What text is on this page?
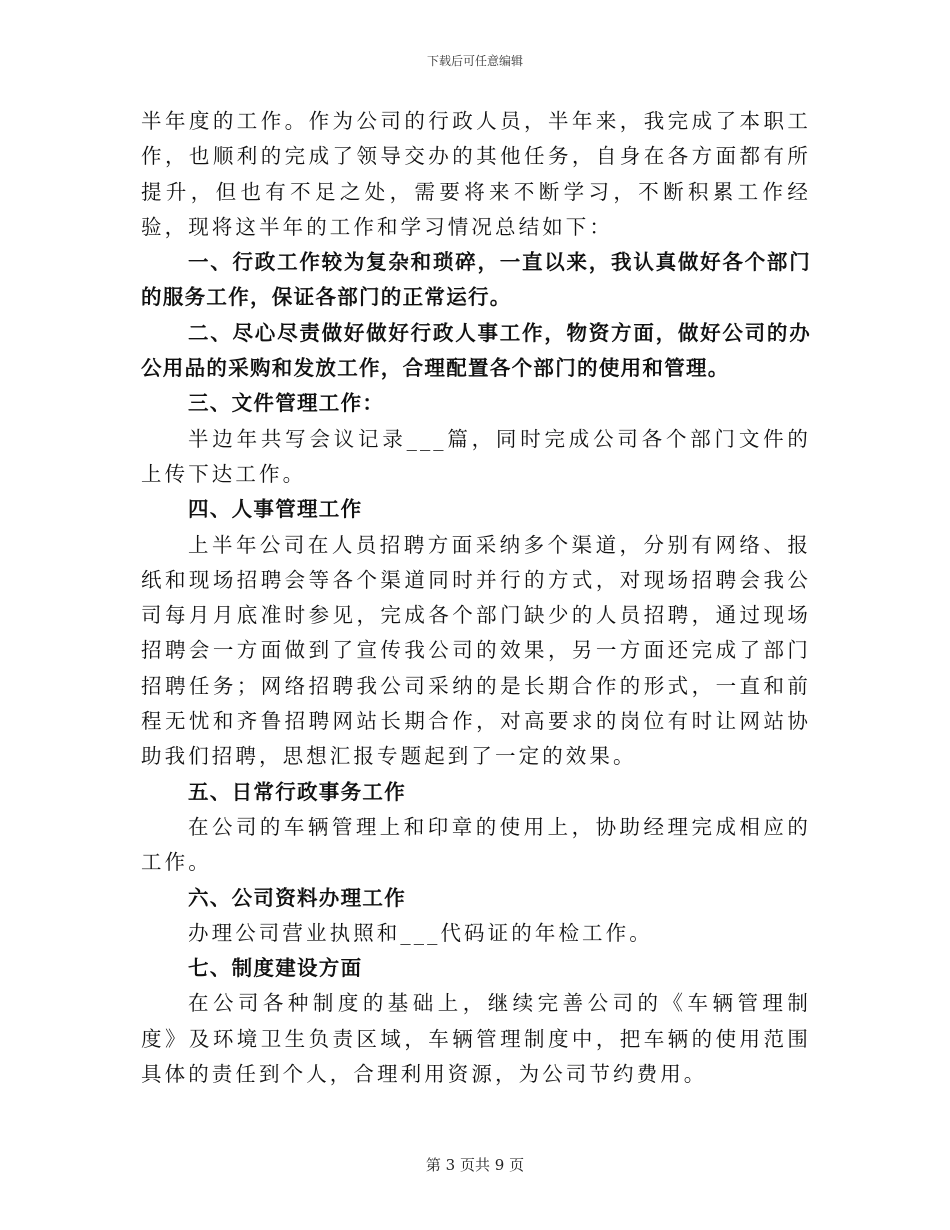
下载后可任意编辑

半年度的工作。作为公司的行政人员，半年来，我完成了本职工作，也顺利的完成了领导交办的其他任务，自身在各方面都有所提升，但也有不足之处，需要将来不断学习，不断积累工作经验，现将这半年的工作和学习情况总结如下：

一、行政工作较为复杂和琐碎，一直以来，我认真做好各个部门的服务工作，保证各部门的正常运行。

二、尽心尽责做好做好行政人事工作，物资方面，做好公司的办公用品的采购和发放工作，合理配置各个部门的使用和管理。

三、文件管理工作：

半边年共写会议记录___篇，同时完成公司各个部门文件的上传下达工作。

四、人事管理工作

上半年公司在人员招聘方面采纳多个渠道，分别有网络、报纸和现场招聘会等各个渠道同时并行的方式，对现场招聘会我公司每月月底准时参见，完成各个部门缺少的人员招聘，通过现场招聘会一方面做到了宣传我公司的效果，另一方面还完成了部门招聘任务；网络招聘我公司采纳的是长期合作的形式，一直和前程无忧和齐鲁招聘网站长期合作，对高要求的岗位有时让网站协助我们招聘，思想汇报专题起到了一定的效果。

五、日常行政事务工作

在公司的车辆管理上和印章的使用上，协助经理完成相应的工作。

六、公司资料办理工作

办理公司营业执照和___代码证的年检工作。

七、制度建设方面

在公司各种制度的基础上，继续完善公司的《车辆管理制度》及环境卫生负责区域，车辆管理制度中，把车辆的使用范围具体的责任到个人，合理利用资源，为公司节约费用。

第 3 页共 9 页
